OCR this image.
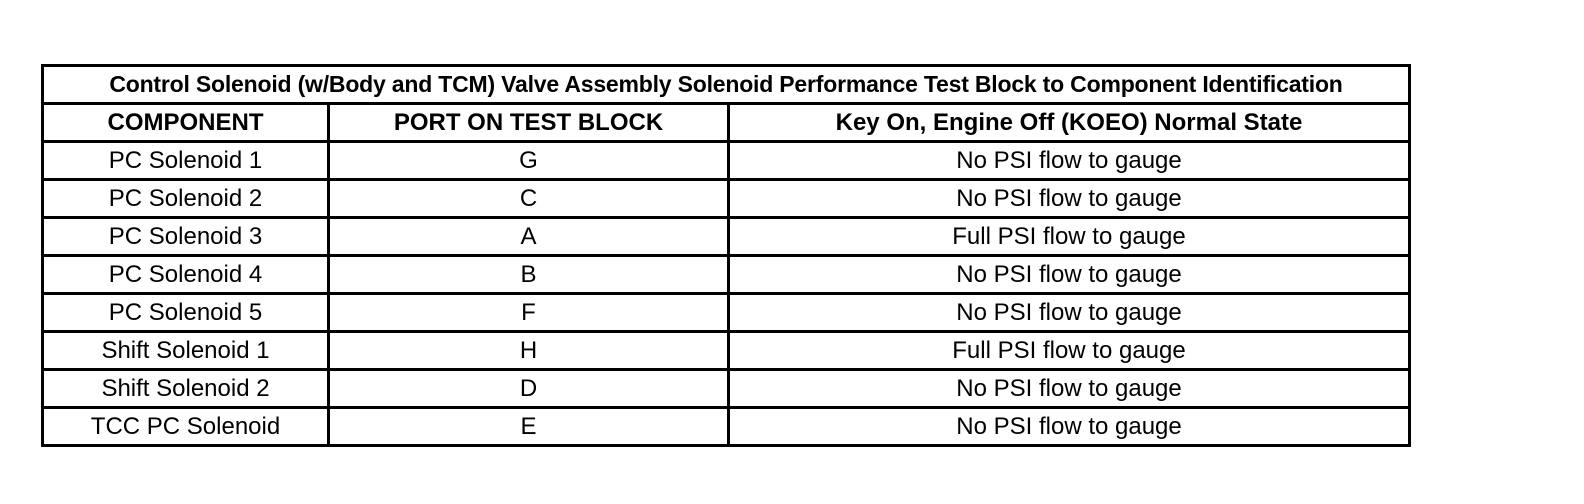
Control Solenoid (w/Body and TCM) Valve Assembly Solenoid Performance Test Block to Component Identification		
COMPONENT	PORT ON TEST BLOCK	Key On, Engine Off (KOEO) Normal State
PC Solenoid 1	G	No PSI flow to gauge
PC Solenoid 2	C	No PSI flow to gauge
PC Solenoid 3	A	Full PSI flow to gauge
PC Solenoid 4	B	No PSI flow to gauge
PC Solenoid 5	F	No PSI flow to gauge
Shift Solenoid 1	H	Full PSI flow to gauge
Shift Solenoid 2	D	No PSI flow to gauge
TCC PC Solenoid	E	No PSI flow to gauge
